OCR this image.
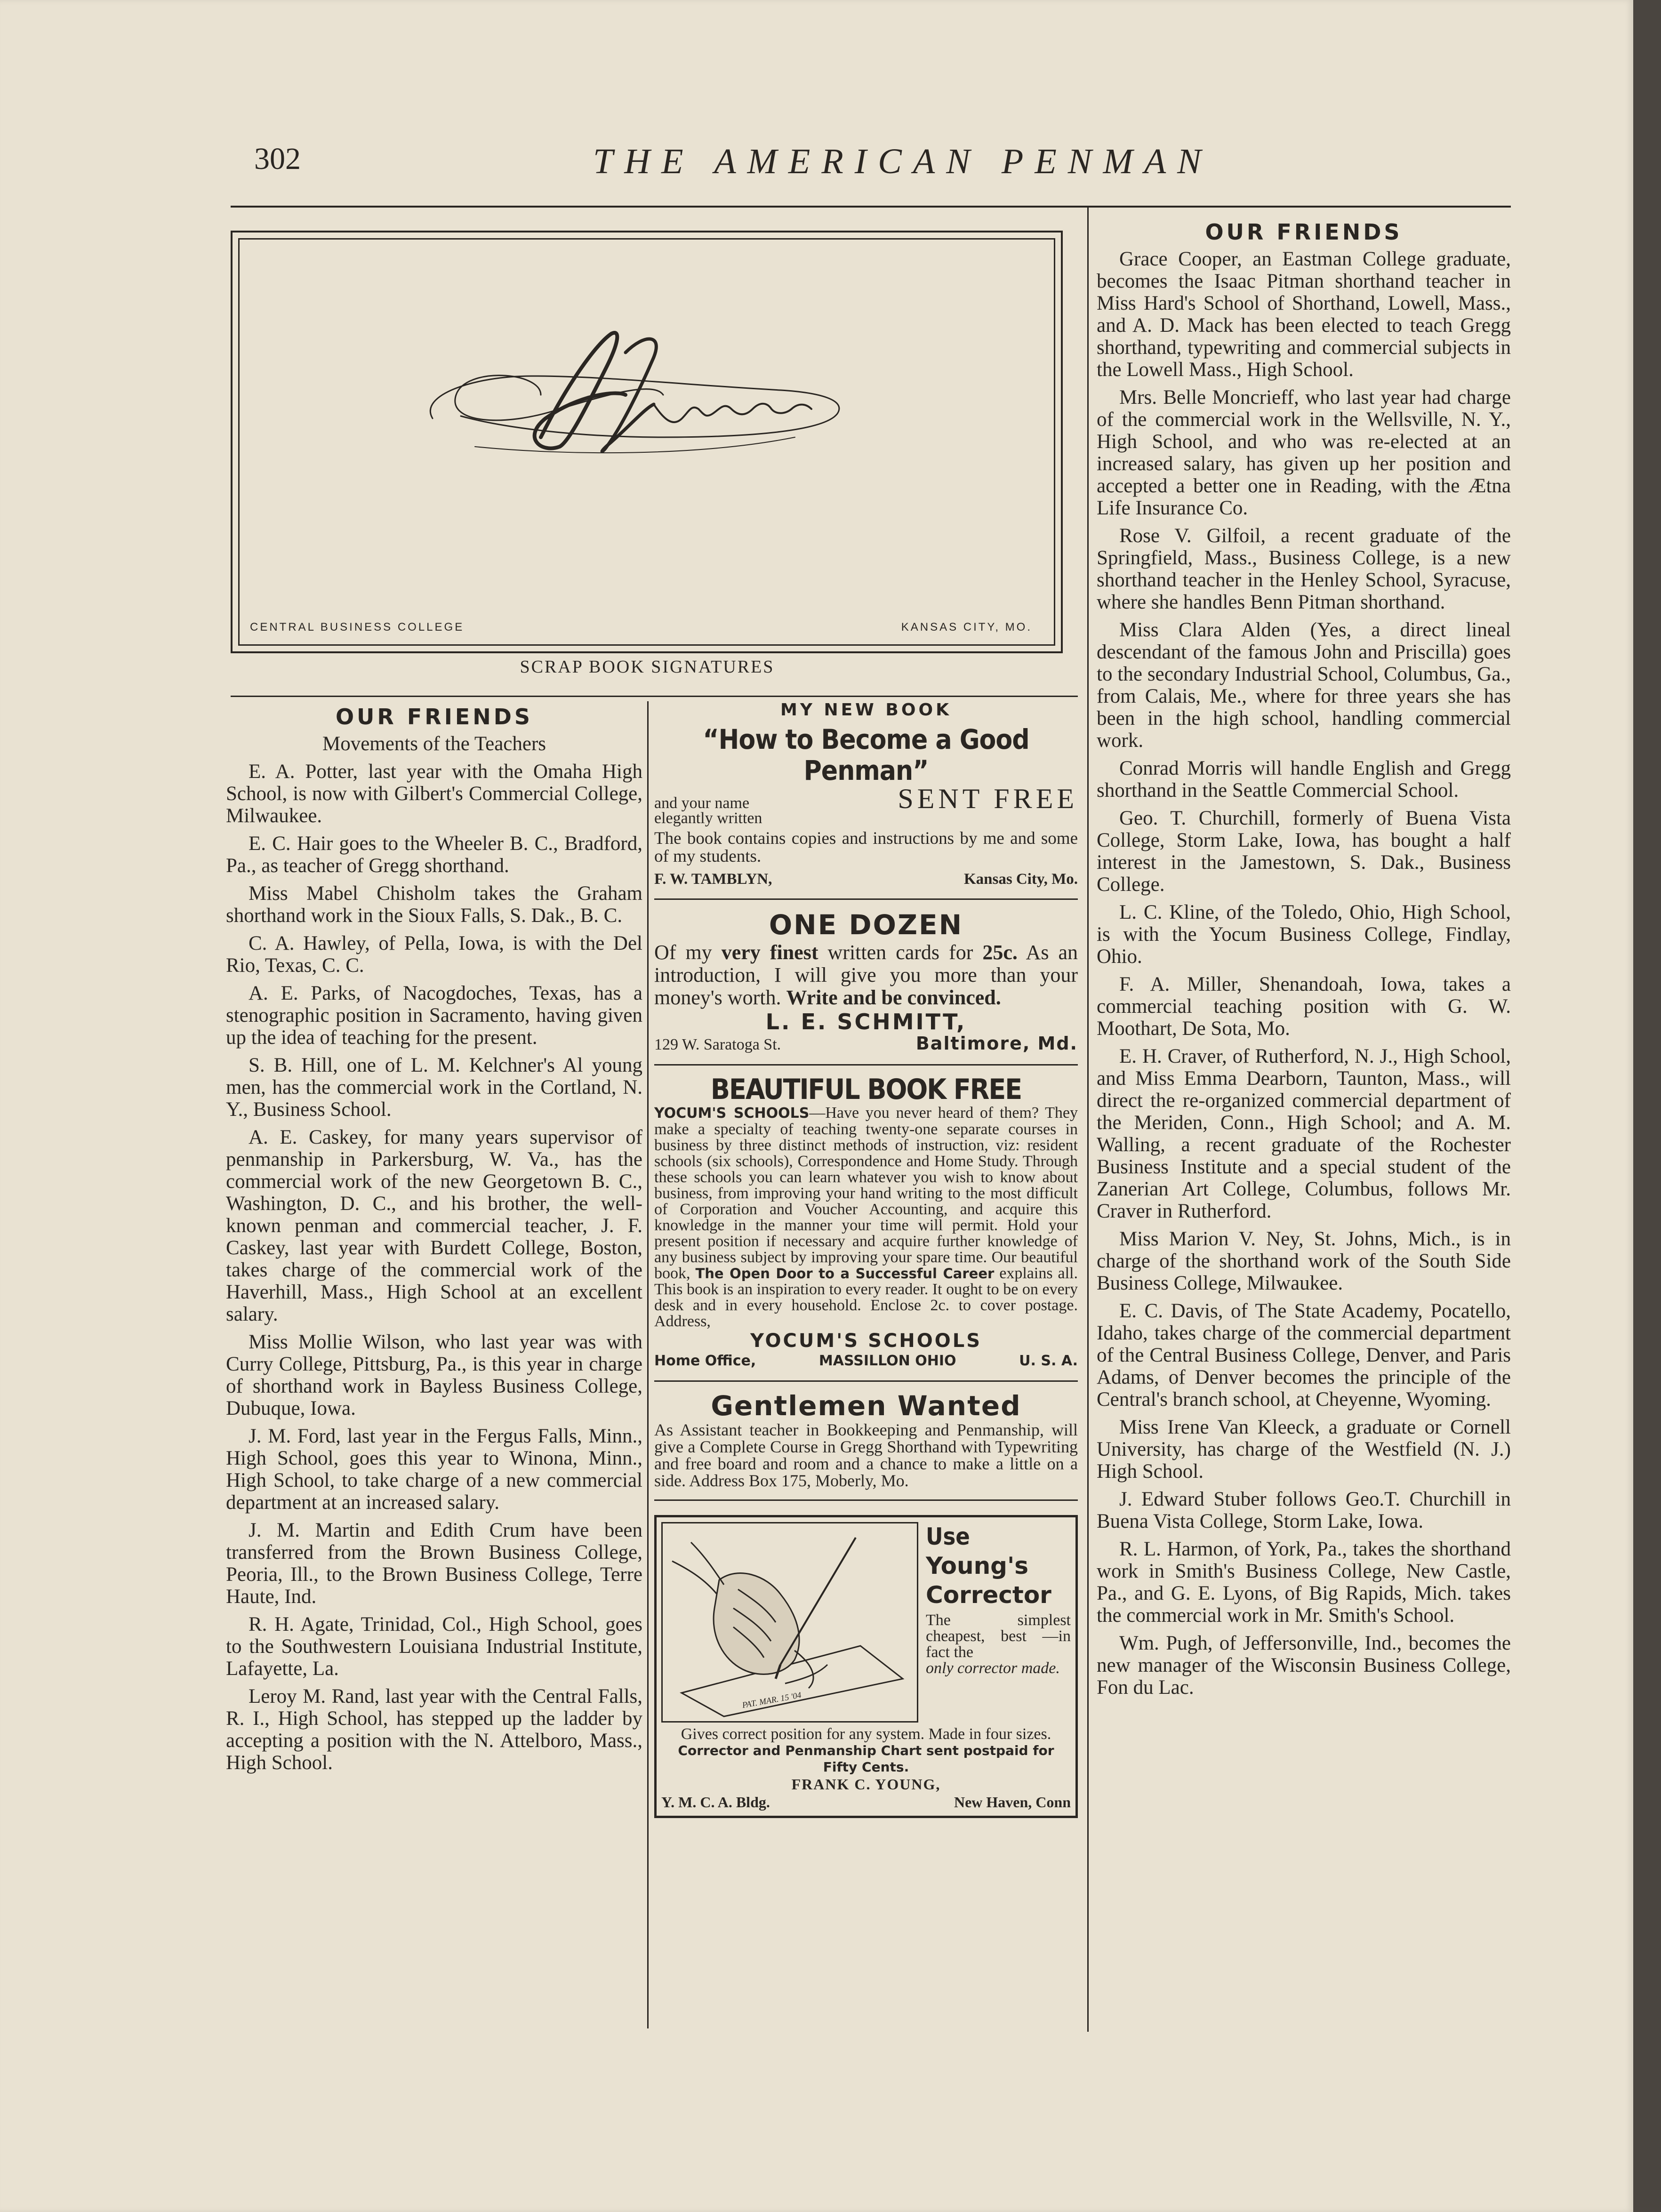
302	THE AMERICAN PENMAN
CENTRAL BUSINESS COLLEGE	KANSAS CITY, MO.
SCRAP BOOK SIGNATURES
OUR FRIENDS

Movements of the Teachers

E. A. Potter, last year with the Omaha High School, is now with Gilbert's Commercial College, Milwaukee.

E. C. Hair goes to the Wheeler B. C., Bradford, Pa., as teacher of Gregg shorthand.

Miss Mabel Chisholm takes the Graham shorthand work in the Sioux Falls, S. Dak., B. C.

C. A. Hawley, of Pella, Iowa, is with the Del Rio, Texas, C. C.

A. E. Parks, of Nacogdoches, Texas, has a stenographic position in Sacramento, having given up the idea of teaching for the present.

S. B. Hill, one of L. M. Kelchner's Al young men, has the commercial work in the Cortland, N. Y., Business School.

A. E. Caskey, for many years supervisor of penmanship in Parkersburg, W. Va., has the commercial work of the new Georgetown B. C., Washington, D. C., and his brother, the well-known penman and commercial teacher, J. F. Caskey, last year with Burdett College, Boston, takes charge of the commercial work of the Haverhill, Mass., High School at an excellent salary.

Miss Mollie Wilson, who last year was with Curry College, Pittsburg, Pa., is this year in charge of shorthand work in Bayless Business College, Dubuque, Iowa.

J. M. Ford, last year in the Fergus Falls, Minn., High School, goes this year to Winona, Minn., High School, to take charge of a new commercial department at an increased salary.

J. M. Martin and Edith Crum have been transferred from the Brown Business College, Peoria, Ill., to the Brown Business College, Terre Haute, Ind.

R. H. Agate, Trinidad, Col., High School, goes to the Southwestern Louisiana Industrial Institute, Lafayette, La.

Leroy M. Rand, last year with the Central Falls, R. I., High School, has stepped up the ladder by accepting a position with the N. Attelboro, Mass., High School.

MY NEW BOOK
“How to Become a Good Penman”
and your name
elegantly written
SENT FREE
The book contains copies and instructions by me and some of my students.
F. W. TAMBLYN,	Kansas City, Mo.
ONE DOZEN
Of my very finest written cards for 25c. As an introduction, I will give you more than your money's worth. Write and be convinced.
L. E. SCHMITT,
129 W. Saratoga St.	Baltimore, Md.
BEAUTIFUL BOOK FREE
YOCUM'S SCHOOLS—Have you never heard of them? They make a specialty of teaching twenty-one separate courses in business by three distinct methods of instruction, viz: resident schools (six schools), Correspondence and Home Study. Through these schools you can learn whatever you wish to know about business, from improving your hand writing to the most difficult of Corporation and Voucher Accounting, and acquire this knowledge in the manner your time will permit. Hold your present position if necessary and acquire further knowledge of any business subject by improving your spare time. Our beautiful book, The Open Door to a Successful Career explains all. This book is an inspiration to every reader. It ought to be on every desk and in every household. Enclose 2c. to cover postage. Address,
YOCUM'S SCHOOLS
Home Office,	MASSILLON OHIO	U. S. A.
Gentlemen Wanted
As Assistant teacher in Bookkeeping and Penmanship, will give a Complete Course in Gregg Shorthand with Typewriting and free board and room and a chance to make a little on a side. Address Box 175, Moberly, Mo.
PAT. MAR. 15 '04
Use
Young's
Corrector
The simplest cheapest, best —in fact the
only corrector made.
Gives correct position for any system. Made in four sizes. Corrector and Penmanship Chart sent postpaid for Fifty Cents.
FRANK C. YOUNG,
Y. M. C. A. Bldg.	New Haven, Conn
OUR FRIENDS

Grace Cooper, an Eastman College graduate, becomes the Isaac Pitman shorthand teacher in Miss Hard's School of Shorthand, Lowell, Mass., and A. D. Mack has been elected to teach Gregg shorthand, typewriting and commercial subjects in the Lowell Mass., High School.

Mrs. Belle Moncrieff, who last year had charge of the commercial work in the Wellsville, N. Y., High School, and who was re-elected at an increased salary, has given up her position and accepted a better one in Reading, with the Ætna Life Insurance Co.

Rose V. Gilfoil, a recent graduate of the Springfield, Mass., Business College, is a new shorthand teacher in the Henley School, Syracuse, where she handles Benn Pitman shorthand.

Miss Clara Alden (Yes, a direct lineal descendant of the famous John and Priscilla) goes to the secondary Industrial School, Columbus, Ga., from Calais, Me., where for three years she has been in the high school, handling commercial work.

Conrad Morris will handle English and Gregg shorthand in the Seattle Commercial School.

Geo. T. Churchill, formerly of Buena Vista College, Storm Lake, Iowa, has bought a half interest in the Jamestown, S. Dak., Business College.

L. C. Kline, of the Toledo, Ohio, High School, is with the Yocum Business College, Findlay, Ohio.

F. A. Miller, Shenandoah, Iowa, takes a commercial teaching position with G. W. Moothart, De Sota, Mo.

E. H. Craver, of Rutherford, N. J., High School, and Miss Emma Dearborn, Taunton, Mass., will direct the re-organized commercial department of the Meriden, Conn., High School; and A. M. Walling, a recent graduate of the Rochester Business Institute and a special student of the Zanerian Art College, Columbus, follows Mr. Craver in Rutherford.

Miss Marion V. Ney, St. Johns, Mich., is in charge of the shorthand work of the South Side Business College, Milwaukee.

E. C. Davis, of The State Academy, Pocatello, Idaho, takes charge of the commercial department of the Central Business College, Denver, and Paris Adams, of Denver becomes the principle of the Central's branch school, at Cheyenne, Wyoming.

Miss Irene Van Kleeck, a graduate or Cornell University, has charge of the Westfield (N. J.) High School.

J. Edward Stuber follows Geo.T. Churchill in Buena Vista College, Storm Lake, Iowa.

R. L. Harmon, of York, Pa., takes the shorthand work in Smith's Business College, New Castle, Pa., and G. E. Lyons, of Big Rapids, Mich. takes the commercial work in Mr. Smith's School.

Wm. Pugh, of Jeffersonville, Ind., becomes the new manager of the Wisconsin Business College, Fon du Lac.
